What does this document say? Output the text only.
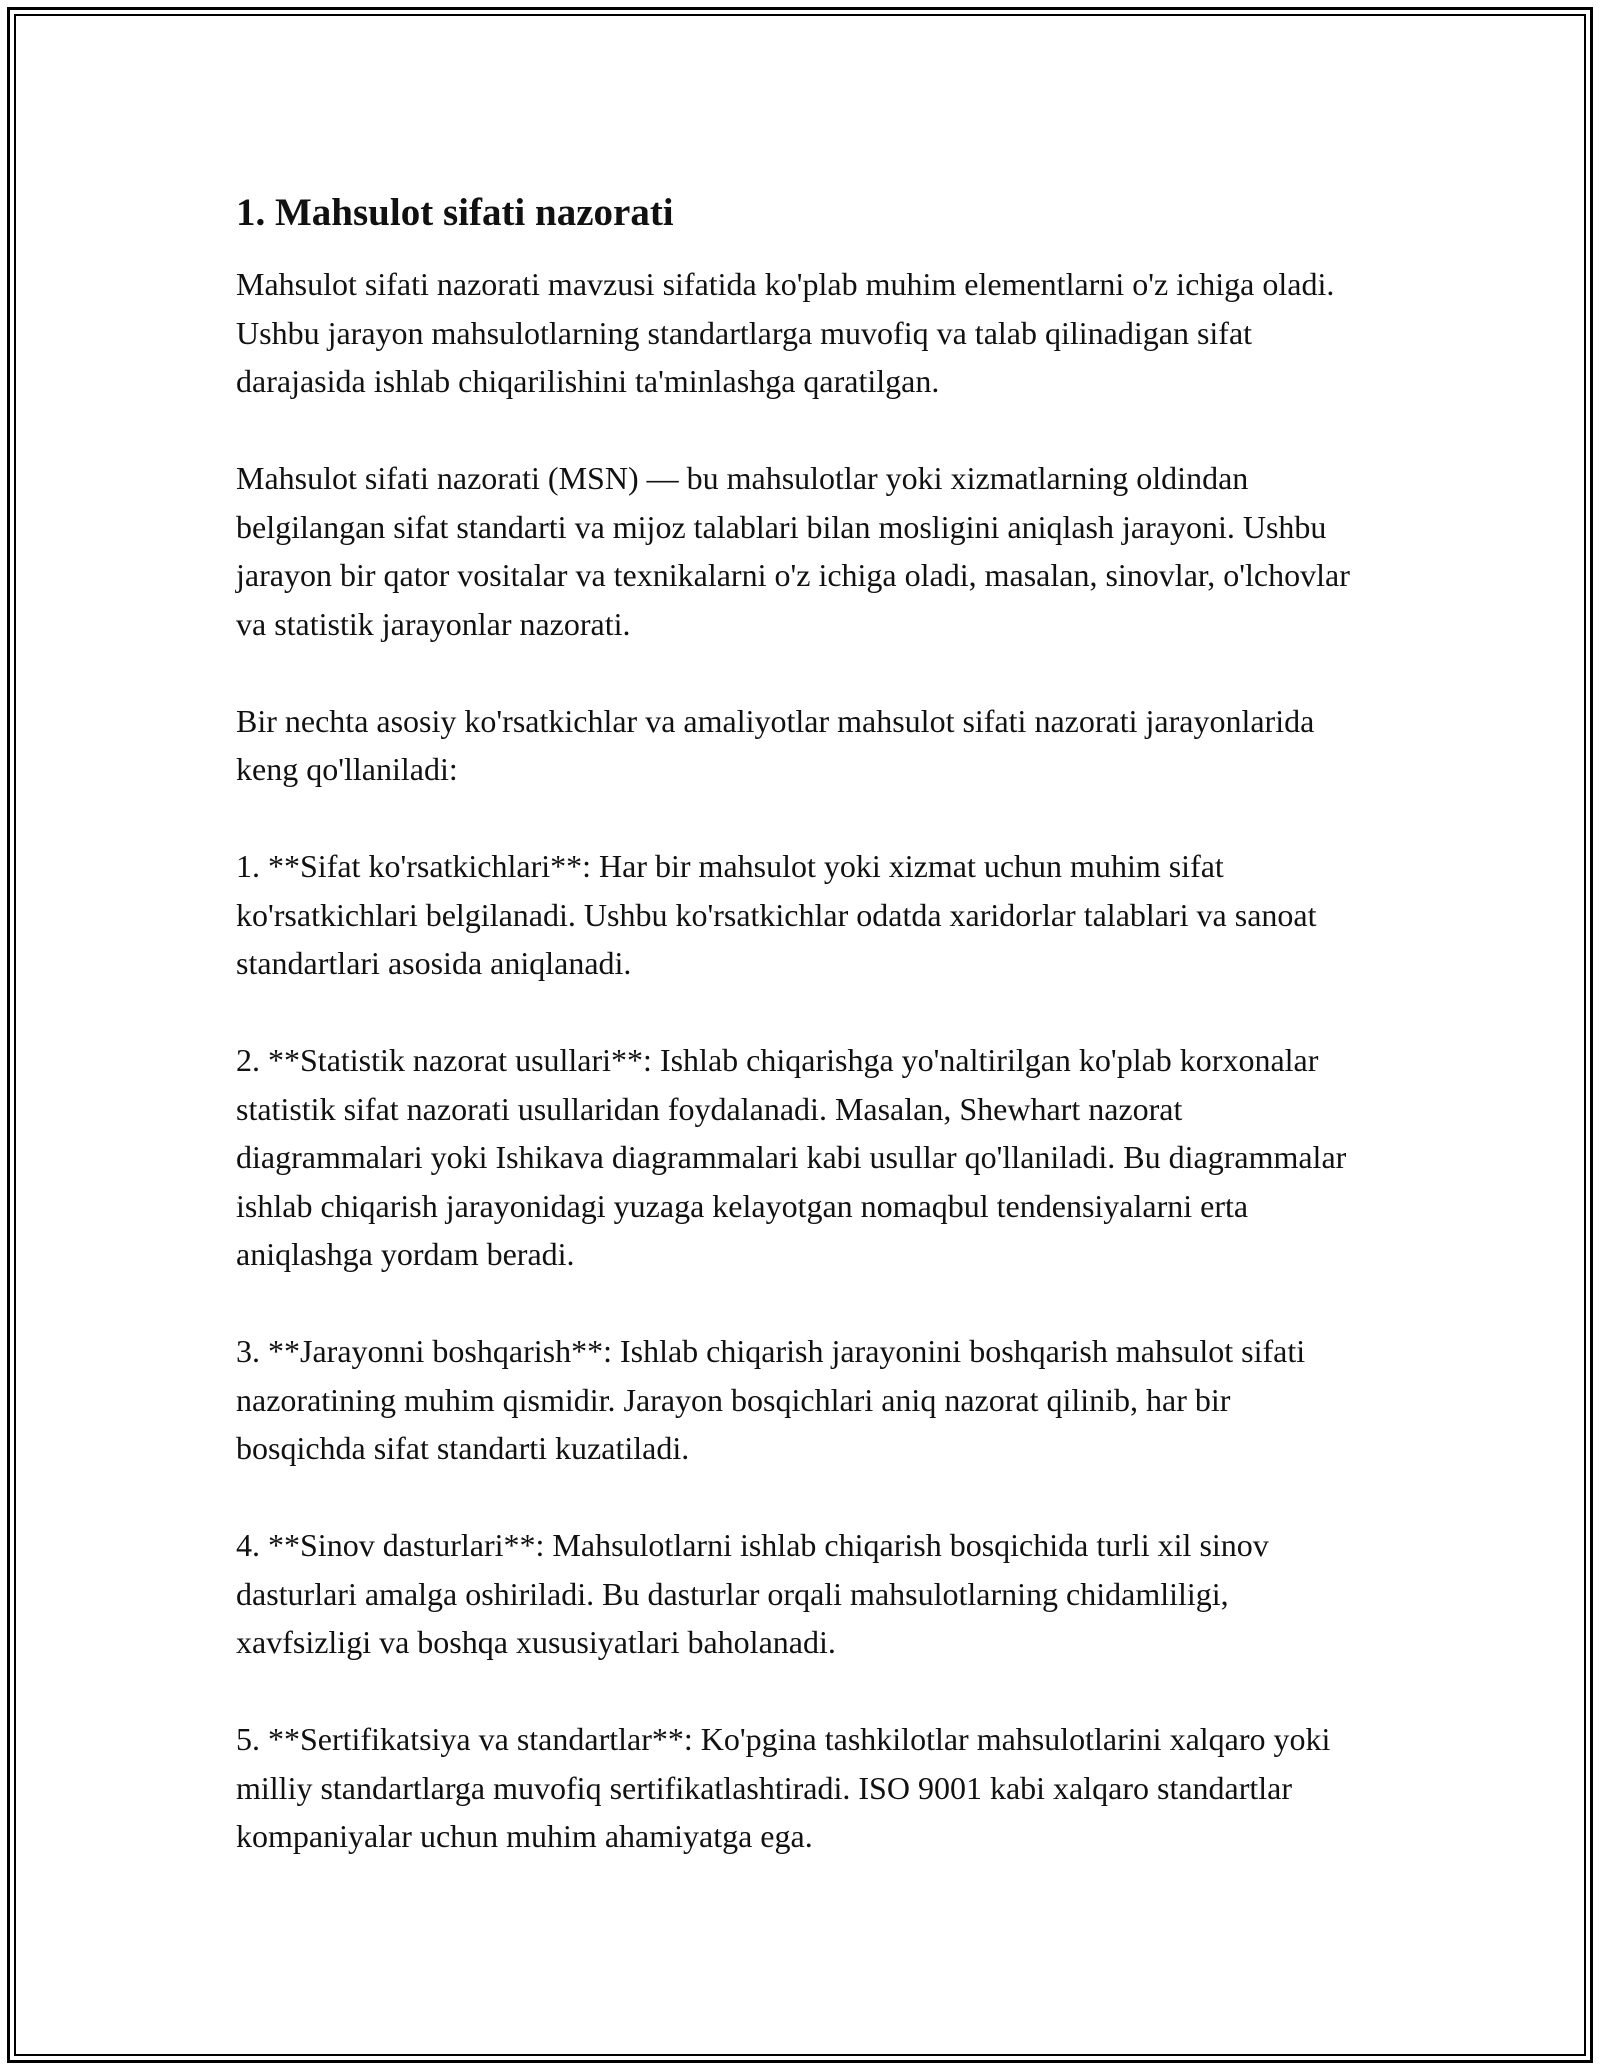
1. Mahsulot sifati nazorati

Mahsulot sifati nazorati mavzusi sifatida ko'plab muhim elementlarni o'z ichiga oladi. Ushbu jarayon mahsulotlarning standartlarga muvofiq va talab qilinadigan sifat darajasida ishlab chiqarilishini ta'minlashga qaratilgan.

Mahsulot sifati nazorati (MSN) — bu mahsulotlar yoki xizmatlarning oldindan belgilangan sifat standarti va mijoz talablari bilan mosligini aniqlash jarayoni. Ushbu jarayon bir qator vositalar va texnikalarni o'z ichiga oladi, masalan, sinovlar, o'lchovlar va statistik jarayonlar nazorati.

Bir nechta asosiy ko'rsatkichlar va amaliyotlar mahsulot sifati nazorati jarayonlarida keng qo'llaniladi:

1. **Sifat ko'rsatkichlari**: Har bir mahsulot yoki xizmat uchun muhim sifat ko'rsatkichlari belgilanadi. Ushbu ko'rsatkichlar odatda xaridorlar talablari va sanoat standartlari asosida aniqlanadi.

2. **Statistik nazorat usullari**: Ishlab chiqarishga yo'naltirilgan ko'plab korxonalar statistik sifat nazorati usullaridan foydalanadi. Masalan, Shewhart nazorat diagrammalari yoki Ishikava diagrammalari kabi usullar qo'llaniladi. Bu diagrammalar ishlab chiqarish jarayonidagi yuzaga kelayotgan nomaqbul tendensiyalarni erta aniqlashga yordam beradi.

3. **Jarayonni boshqarish**: Ishlab chiqarish jarayonini boshqarish mahsulot sifati nazoratining muhim qismidir. Jarayon bosqichlari aniq nazorat qilinib, har bir bosqichda sifat standarti kuzatiladi.

4. **Sinov dasturlari**: Mahsulotlarni ishlab chiqarish bosqichida turli xil sinov dasturlari amalga oshiriladi. Bu dasturlar orqali mahsulotlarning chidamliligi, xavfsizligi va boshqa xususiyatlari baholanadi.

5. **Sertifikatsiya va standartlar**: Ko'pgina tashkilotlar mahsulotlarini xalqaro yoki milliy standartlarga muvofiq sertifikatlashtiradi. ISO 9001 kabi xalqaro standartlar kompaniyalar uchun muhim ahamiyatga ega.
